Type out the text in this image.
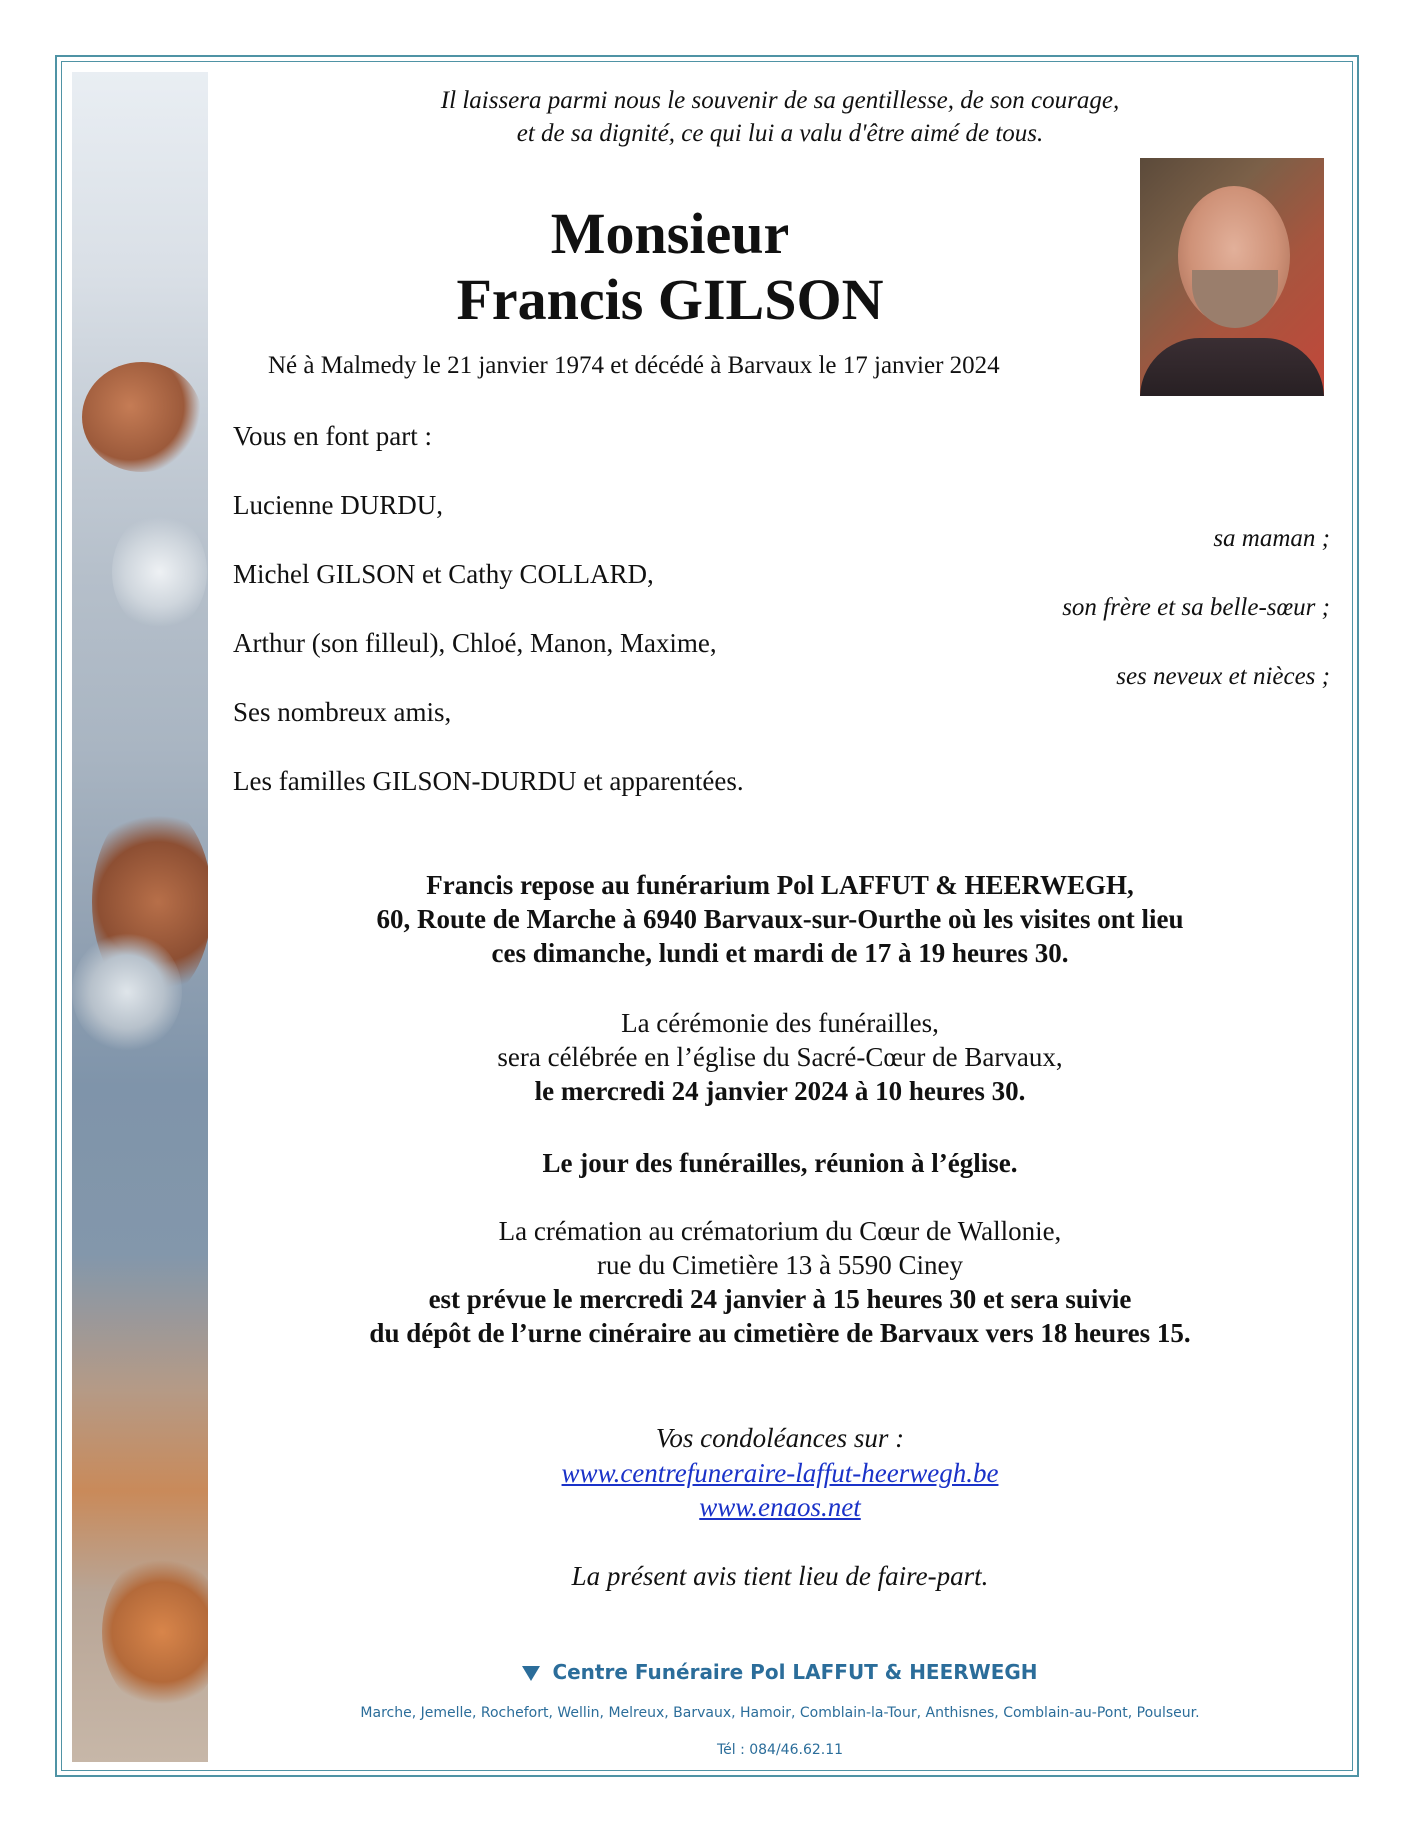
Il laissera parmi nous le souvenir de sa gentillesse, de son courage,
et de sa dignité, ce qui lui a valu d'être aimé de tous.
Monsieur
Francis GILSON
Né à Malmedy le 21 janvier 1974 et décédé à Barvaux le 17 janvier 2024
Vous en font part :
Lucienne DURDU,
sa maman ;
Michel GILSON et Cathy COLLARD,
son frère et sa belle-sœur ;
Arthur (son filleul), Chloé, Manon, Maxime,
ses neveux et nièces ;
Ses nombreux amis,
Les familles GILSON-DURDU et apparentées.
Francis repose au funérarium Pol LAFFUT & HEERWEGH,
60, Route de Marche à 6940 Barvaux-sur-Ourthe où les visites ont lieu
ces dimanche, lundi et mardi de 17 à 19 heures 30.
La cérémonie des funérailles,
sera célébrée en l’église du Sacré-Cœur de Barvaux,
le mercredi 24 janvier 2024 à 10 heures 30.
Le jour des funérailles, réunion à l’église.
La crémation au crématorium du Cœur de Wallonie,
rue du Cimetière 13 à 5590 Ciney
est prévue le mercredi 24 janvier à 15 heures 30 et sera suivie
du dépôt de l’urne cinéraire au cimetière de Barvaux vers 18 heures 15.
Vos condoléances sur :
www.centrefuneraire-laffut-heerwegh.be
www.enaos.net
La présent avis tient lieu de faire-part.
Centre Funéraire Pol LAFFUT & HEERWEGH
Marche, Jemelle, Rochefort, Wellin, Melreux, Barvaux, Hamoir, Comblain-la-Tour, Anthisnes, Comblain-au-Pont, Poulseur.
Tél : 084/46.62.11
